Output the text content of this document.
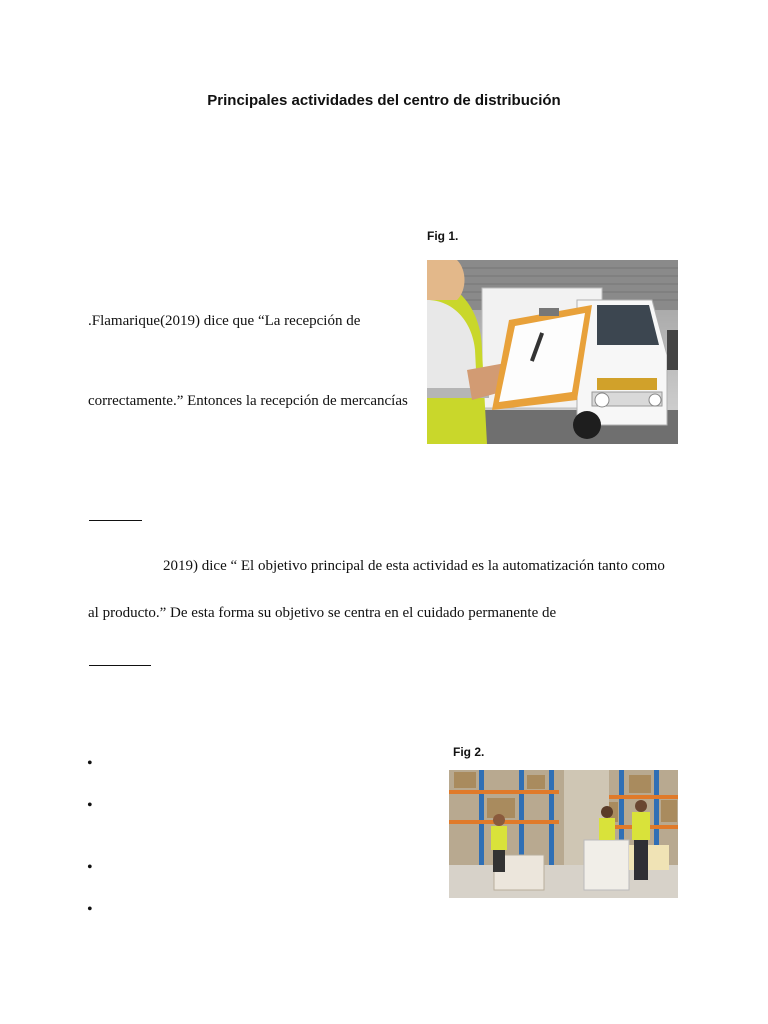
Principales actividades del centro de distribución
Fig 1.
.Flamarique(2019) dice que “La recepción de
correctamente.” Entonces la recepción de mercancías
2019) dice “ El objetivo principal de esta actividad es la automatización tanto como
al producto.” De esta forma su objetivo se centra en el cuidado permanente de
Fig 2.
•
•
•
•
